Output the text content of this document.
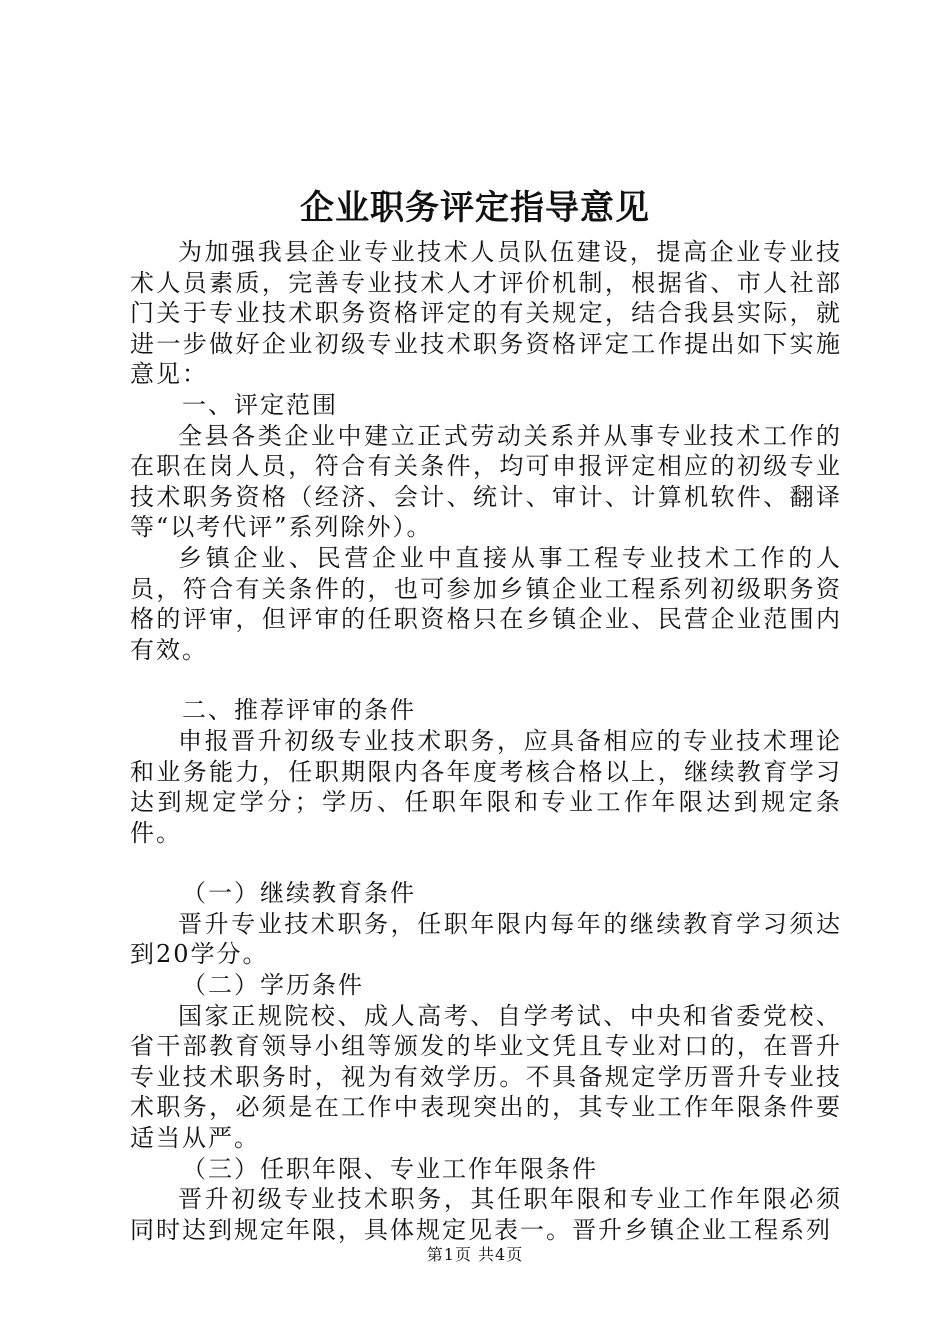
企业职务评定指导意见

为加强我县企业专业技术人员队伍建设，提高企业专业技术人员素质，完善专业技术人才评价机制，根据省、市人社部门关于专业技术职务资格评定的有关规定，结合我县实际，就进一步做好企业初级专业技术职务资格评定工作提出如下实施意见：

一、评定范围

全县各类企业中建立正式劳动关系并从事专业技术工作的在职在岗人员，符合有关条件，均可申报评定相应的初级专业技术职务资格（经济、会计、统计、审计、计算机软件、翻译等“以考代评”系列除外）。

乡镇企业、民营企业中直接从事工程专业技术工作的人员，符合有关条件的，也可参加乡镇企业工程系列初级职务资格的评审，但评审的任职资格只在乡镇企业、民营企业范围内有效。

二、推荐评审的条件

申报晋升初级专业技术职务，应具备相应的专业技术理论和业务能力，任职期限内各年度考核合格以上，继续教育学习达到规定学分；学历、任职年限和专业工作年限达到规定条件。

（一）继续教育条件

晋升专业技术职务，任职年限内每年的继续教育学习须达到20学分。

（二）学历条件

国家正规院校、成人高考、自学考试、中央和省委党校、省干部教育领导小组等颁发的毕业文凭且专业对口的，在晋升专业技术职务时，视为有效学历。不具备规定学历晋升专业技术职务，必须是在工作中表现突出的，其专业工作年限条件要适当从严。

（三）任职年限、专业工作年限条件

晋升初级专业技术职务，其任职年限和专业工作年限必须同时达到规定年限，具体规定见表一。晋升乡镇企业工程系列

第1页 共4页
